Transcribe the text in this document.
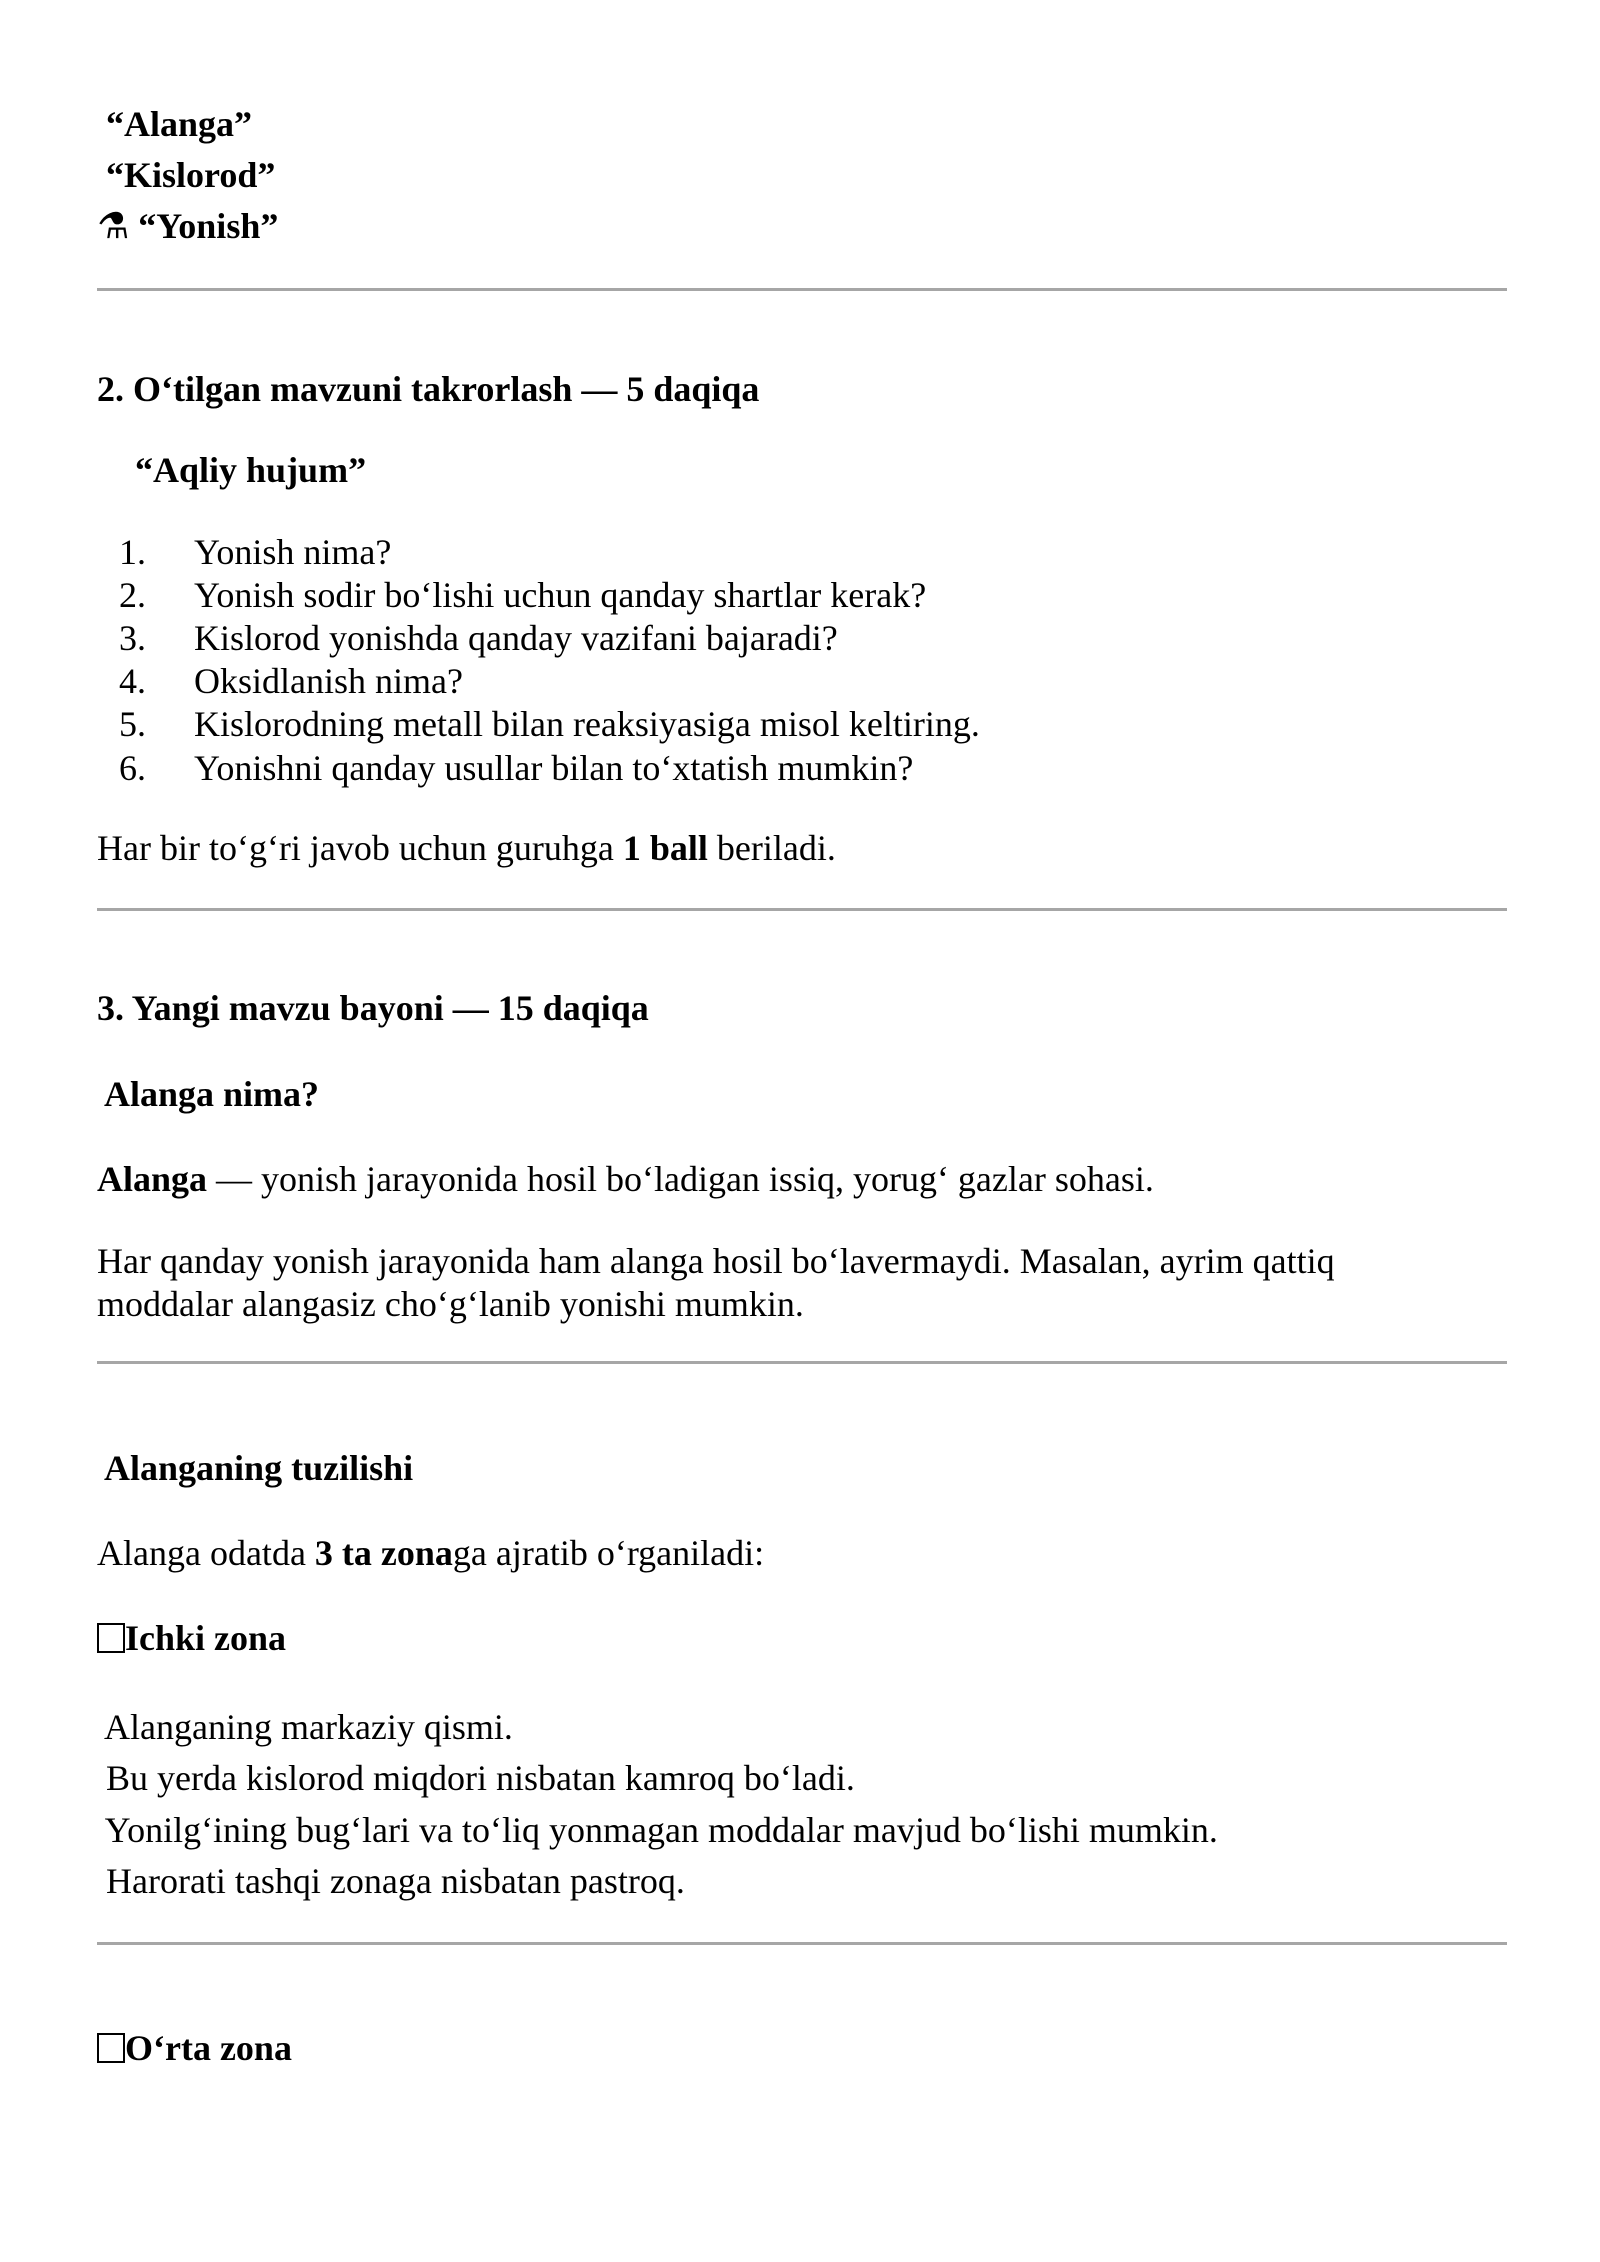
“Alanga”
“Kislorod”
⚗ “Yonish”
2. O‘tilgan mavzuni takrorlash — 5 daqiqa
“Aqliy hujum”
1. Yonish nima?
2. Yonish sodir bo‘lishi uchun qanday shartlar kerak?
3. Kislorod yonishda qanday vazifani bajaradi?
4. Oksidlanish nima?
5. Kislorodning metall bilan reaksiyasiga misol keltiring.
6. Yonishni qanday usullar bilan to‘xtatish mumkin?
Har bir to‘g‘ri javob uchun guruhga 1 ball beriladi.
3. Yangi mavzu bayoni — 15 daqiqa
Alanga nima?
Alanga — yonish jarayonida hosil bo‘ladigan issiq, yorug‘ gazlar sohasi.
Har qanday yonish jarayonida ham alanga hosil bo‘lavermaydi. Masalan, ayrim qattiq
moddalar alangasiz cho‘g‘lanib yonishi mumkin.
Alanganing tuzilishi
Alanga odatda 3 ta zonaga ajratib o‘rganiladi:
Ichki zona
Alanganing markaziy qismi.
Bu yerda kislorod miqdori nisbatan kamroq bo‘ladi.
Yonilg‘ining bug‘lari va to‘liq yonmagan moddalar mavjud bo‘lishi mumkin.
Harorati tashqi zonaga nisbatan pastroq.
O‘rta zona
